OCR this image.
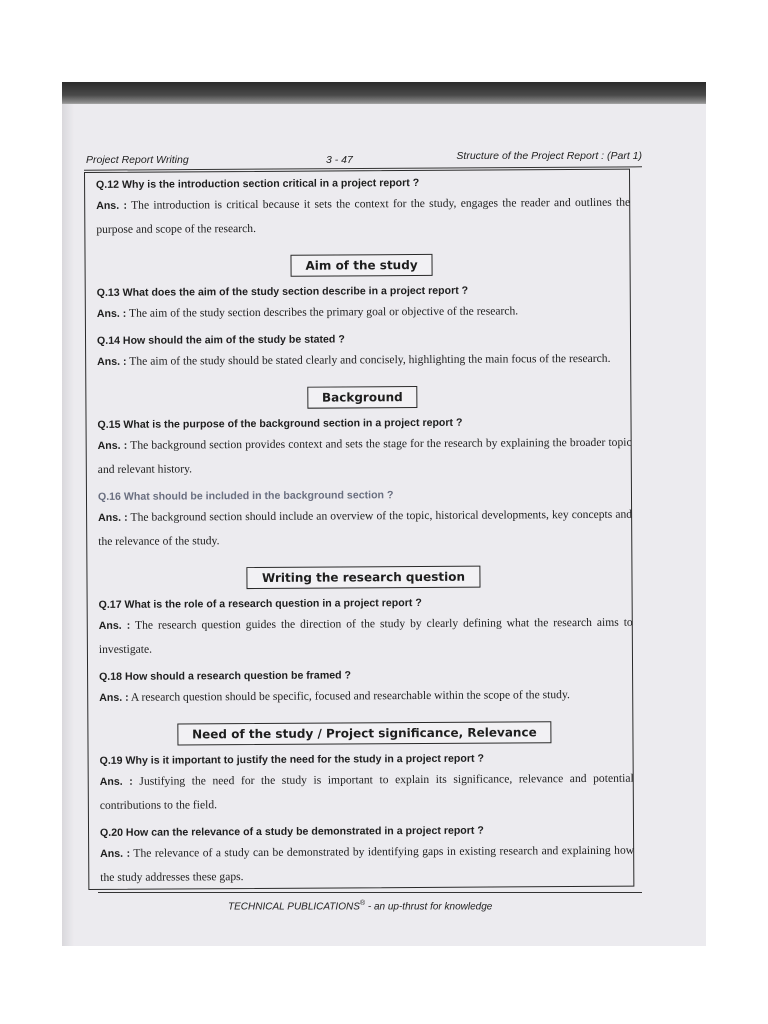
Project Report Writing	3 - 47	Structure of the Project Report : (Part 1)
Q.12 Why is the introduction section critical in a project report ?
Ans. : The introduction is critical because it sets the context for the study, engages the reader and outlines the purpose and scope of the research.
Aim of the study
Q.13 What does the aim of the study section describe in a project report ?
Ans. : The aim of the study section describes the primary goal or objective of the research.
Q.14 How should the aim of the study be stated ?
Ans. : The aim of the study should be stated clearly and concisely, highlighting the main focus of the research.
Background
Q.15 What is the purpose of the background section in a project report ?
Ans. : The background section provides context and sets the stage for the research by explaining the broader topic and relevant history.
Q.16 What should be included in the background section ?
Ans. : The background section should include an overview of the topic, historical developments, key concepts and the relevance of the study.
Writing the research question
Q.17 What is the role of a research question in a project report ?
Ans. : The research question guides the direction of the study by clearly defining what the research aims to investigate.
Q.18 How should a research question be framed ?
Ans. : A research question should be specific, focused and researchable within the scope of the study.
Need of the study / Project significance, Relevance
Q.19 Why is it important to justify the need for the study in a project report ?
Ans. : Justifying the need for the study is important to explain its significance, relevance and potential contributions to the field.
Q.20 How can the relevance of a study be demonstrated in a project report ?
Ans. : The relevance of a study can be demonstrated by identifying gaps in existing research and explaining how the study addresses these gaps.
TECHNICAL PUBLICATIONS® - an up-thrust for knowledge
